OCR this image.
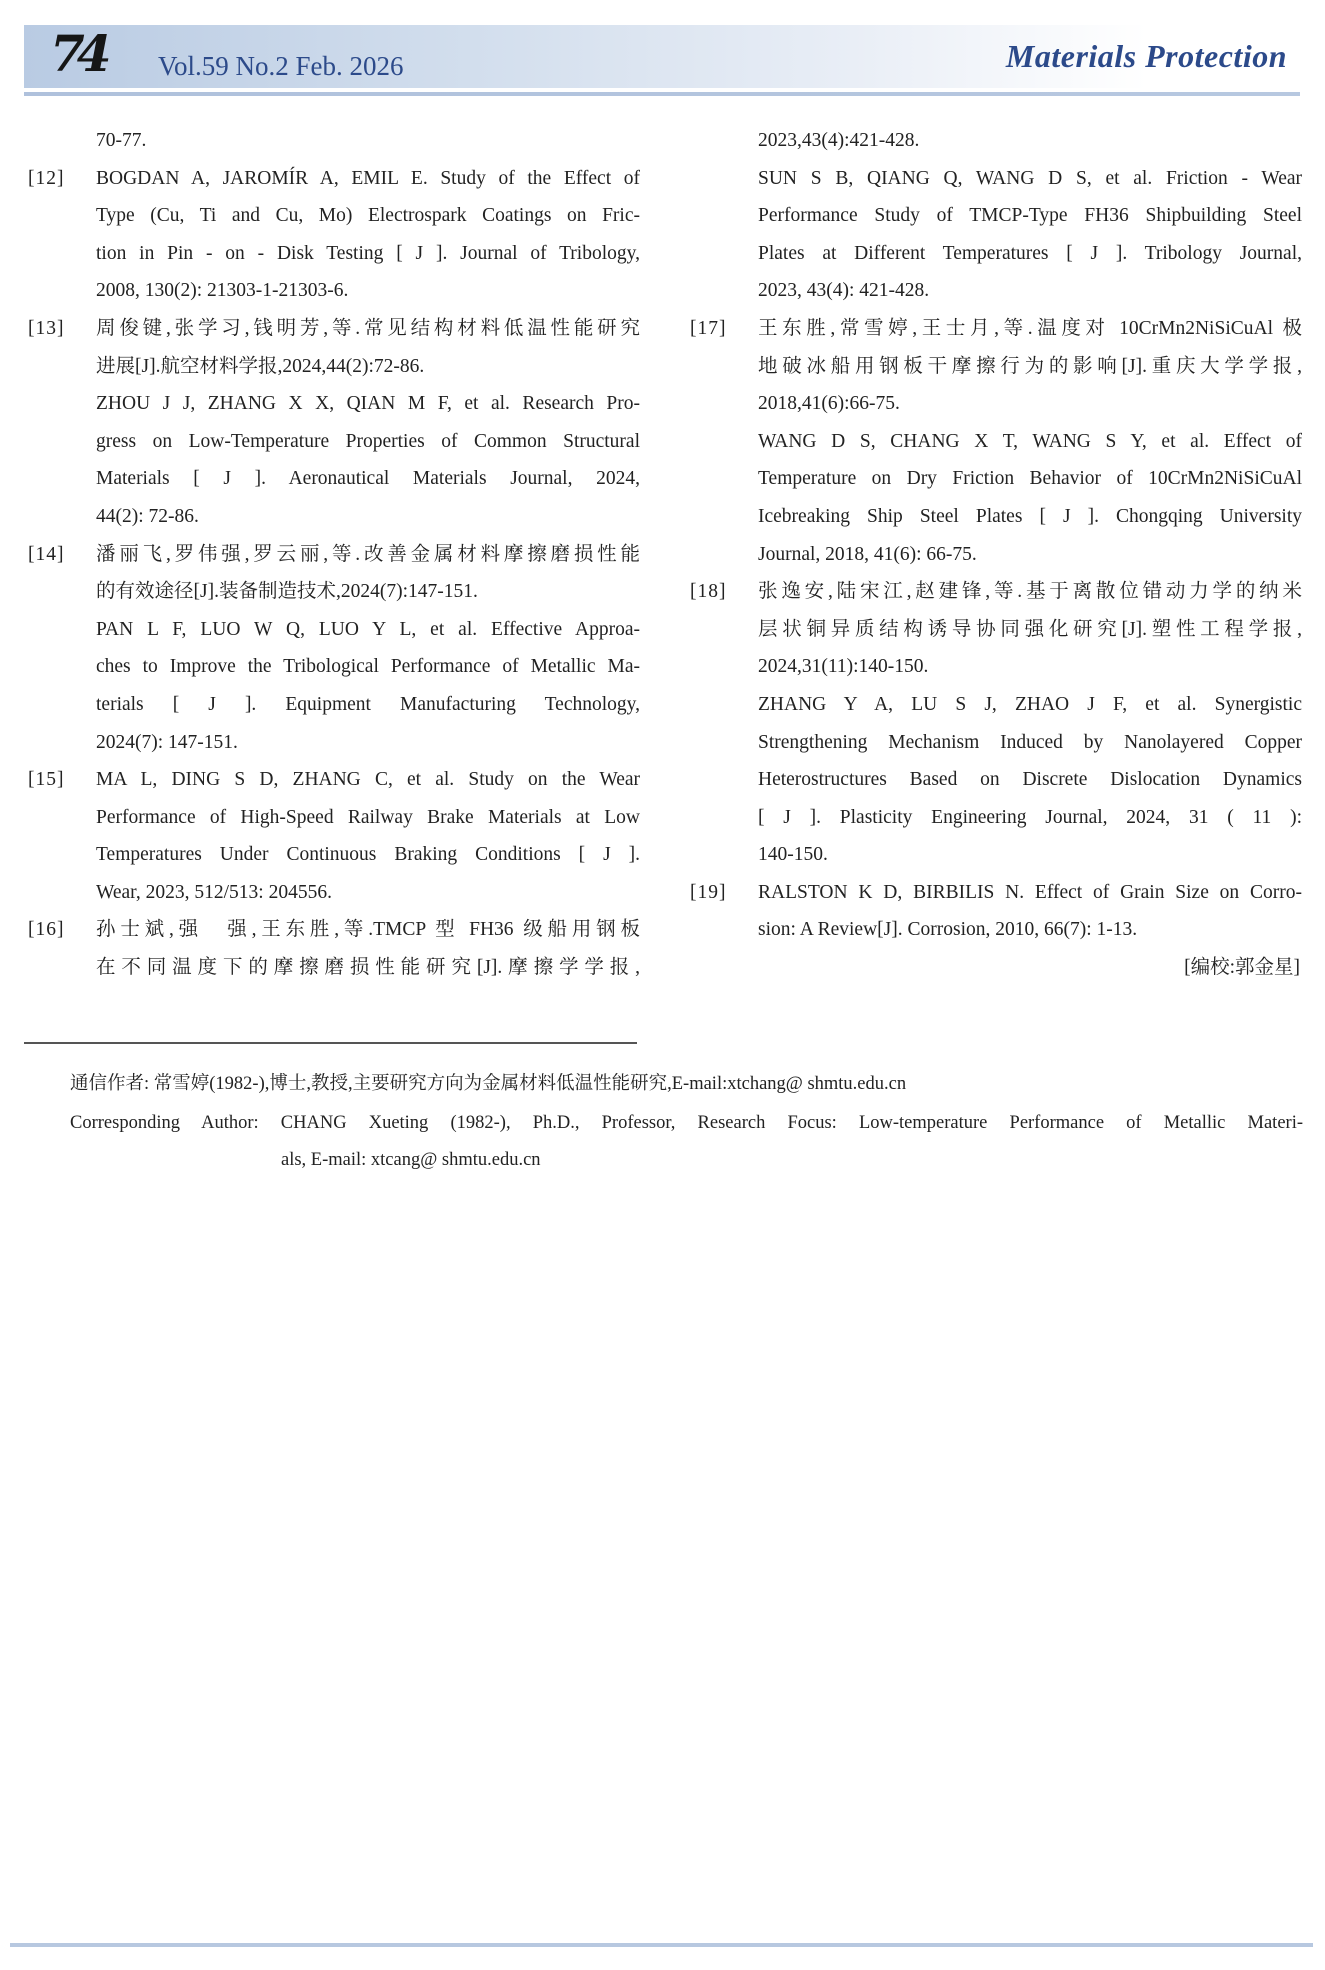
74 Vol.59 No.2 Feb. 2026	Materials Protection
70-77.
[12]	BOGDAN A, JAROMÍR A, EMIL E. Study of the Effect of
Type (Cu, Ti and Cu, Mo) Electrospark Coatings on Fric-
tion in Pin - on - Disk Testing [ J ]. Journal of Tribology,
2008, 130(2): 21303-1-21303-6.
[13]	周俊键,张学习,钱明芳,等.常见结构材料低温性能研究
进展[J].航空材料学报,2024,44(2):72-86.
ZHOU J J, ZHANG X X, QIAN M F, et al. Research Pro-
gress on Low-Temperature Properties of Common Structural
Materials [ J ]. Aeronautical Materials Journal, 2024,
44(2): 72-86.
[14]	潘丽飞,罗伟强,罗云丽,等.改善金属材料摩擦磨损性能
的有效途径[J].装备制造技术,2024(7):147-151.
PAN L F, LUO W Q, LUO Y L, et al. Effective Approa-
ches to Improve the Tribological Performance of Metallic Ma-
terials [ J ]. Equipment Manufacturing Technology,
2024(7): 147-151.
[15]	MA L, DING S D, ZHANG C, et al. Study on the Wear
Performance of High-Speed Railway Brake Materials at Low
Temperatures Under Continuous Braking Conditions [ J ].
Wear, 2023, 512/513: 204556.
[16]	孙士斌,强　强,王东胜,等.TMCP 型 FH36 级船用钢板
在不同温度下的摩擦磨损性能研究[J].摩擦学学报,
2023,43(4):421-428.
SUN S B, QIANG Q, WANG D S, et al. Friction - Wear
Performance Study of TMCP-Type FH36 Shipbuilding Steel
Plates at Different Temperatures [ J ]. Tribology Journal,
2023, 43(4): 421-428.
[17]	王东胜,常雪婷,王士月,等.温度对 10CrMn2NiSiCuAl 极
地破冰船用钢板干摩擦行为的影响[J].重庆大学学报,
2018,41(6):66-75.
WANG D S, CHANG X T, WANG S Y, et al. Effect of
Temperature on Dry Friction Behavior of 10CrMn2NiSiCuAl
Icebreaking Ship Steel Plates [ J ]. Chongqing University
Journal, 2018, 41(6): 66-75.
[18]	张逸安,陆宋江,赵建锋,等.基于离散位错动力学的纳米
层状铜异质结构诱导协同强化研究[J].塑性工程学报,
2024,31(11):140-150.
ZHANG Y A, LU S J, ZHAO J F, et al. Synergistic
Strengthening Mechanism Induced by Nanolayered Copper
Heterostructures Based on Discrete Dislocation Dynamics
[ J ]. Plasticity Engineering Journal, 2024, 31 ( 11 ):
140-150.
[19]	RALSTON K D, BIRBILIS N. Effect of Grain Size on Corro-
sion: A Review[J]. Corrosion, 2010, 66(7): 1-13.
[编校:郭金星]
通信作者: 常雪婷(1982-),博士,教授,主要研究方向为金属材料低温性能研究,E-mail:xtchang@ shmtu.edu.cn
Corresponding Author: CHANG Xueting (1982-), Ph.D., Professor, Research Focus: Low-temperature Performance of Metallic Materi-
als, E-mail: xtcang@ shmtu.edu.cn
